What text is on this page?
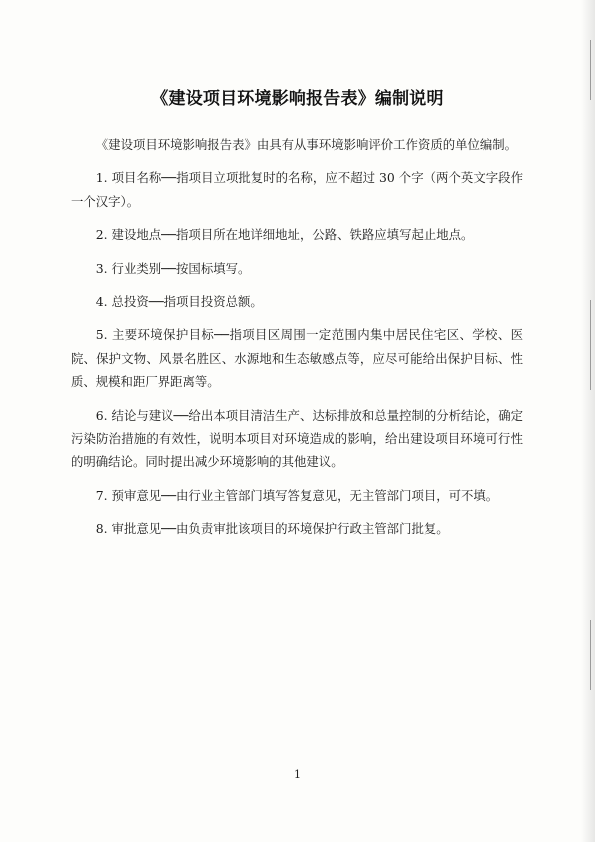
《建设项目环境影响报告表》编制说明

《建设项目环境影响报告表》由具有从事环境影响评价工作资质的单位编制。

1. 项目名称──指项目立项批复时的名称，应不超过 30 个字（两个英文字段作一个汉字）。

2. 建设地点──指项目所在地详细地址，公路、铁路应填写起止地点。

3. 行业类别──按国标填写。

4. 总投资──指项目投资总额。

5. 主要环境保护目标──指项目区周围一定范围内集中居民住宅区、学校、医院、保护文物、风景名胜区、水源地和生态敏感点等，应尽可能给出保护目标、性质、规模和距厂界距离等。

6. 结论与建议──给出本项目清洁生产、达标排放和总量控制的分析结论，确定污染防治措施的有效性，说明本项目对环境造成的影响，给出建设项目环境可行性的明确结论。同时提出减少环境影响的其他建议。

7. 预审意见──由行业主管部门填写答复意见，无主管部门项目，可不填。

8. 审批意见──由负责审批该项目的环境保护行政主管部门批复。

1
